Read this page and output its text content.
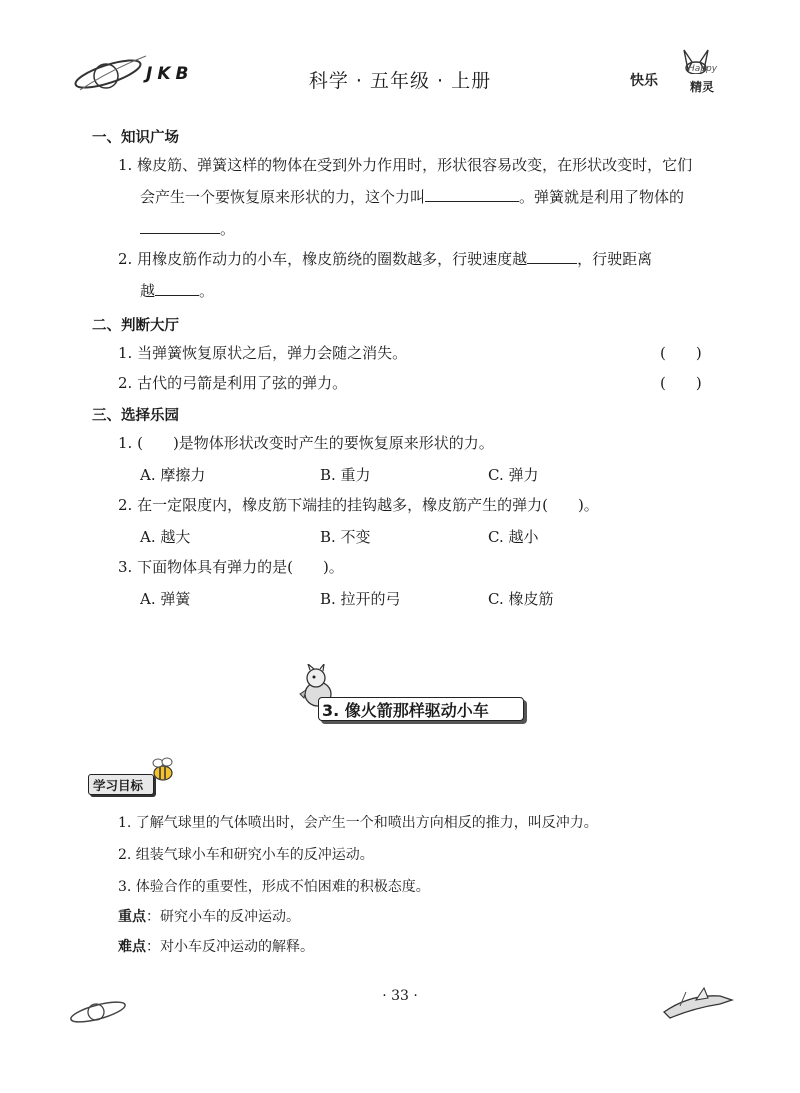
JKB	科学 · 五年级 · 上册	快乐
Happy
精灵
一、知识广场
1. 橡皮筋、弹簧这样的物体在受到外力作用时，形状很容易改变，在形状改变时，它们
会产生一个要恢复原来形状的力，这个力叫	。弹簧就是利用了物体的
。
2. 用橡皮筋作动力的小车，橡皮筋绕的圈数越多，行驶速度越	，行驶距离
越	。
二、判断大厅
1. 当弹簧恢复原状之后，弹力会随之消失。	(　　)
2. 古代的弓箭是利用了弦的弹力。	(　　)
三、选择乐园
1. (　　)是物体形状改变时产生的要恢复原来形状的力。
A. 摩擦力	B. 重力	C. 弹力
2. 在一定限度内，橡皮筋下端挂的挂钩越多，橡皮筋产生的弹力(　　)。
A. 越大	B. 不变	C. 越小
3. 下面物体具有弹力的是(　　)。
A. 弹簧	B. 拉开的弓	C. 橡皮筋
3. 像火箭那样驱动小车
学习目标
1. 了解气球里的气体喷出时，会产生一个和喷出方向相反的推力，叫反冲力。
2. 组装气球小车和研究小车的反冲运动。
3. 体验合作的重要性，形成不怕困难的积极态度。
重点：研究小车的反冲运动。
难点：对小车反冲运动的解释。
· 33 ·
